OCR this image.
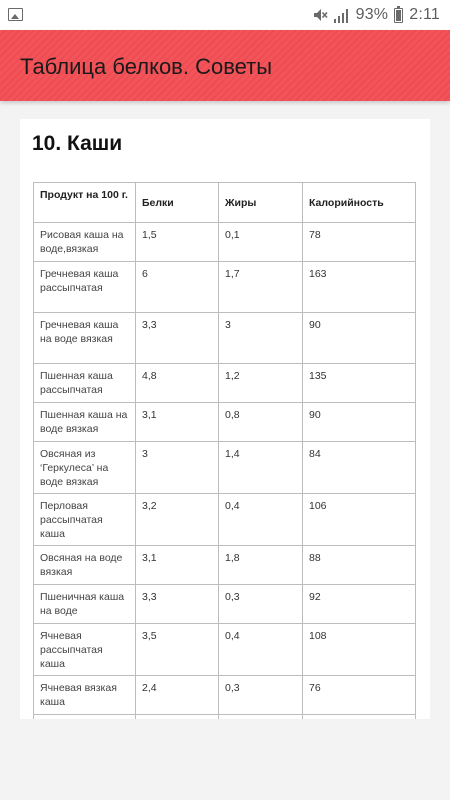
93% 2:11
Таблица белков. Советы
10. Каши
Продукт на 100 г.	Белки	Жиры	Калорийность
Рисовая каша на воде,вязкая	1,5	0,1	78
Гречневая каша рассыпчатая	6	1,7	163
Гречневая каша на воде вязкая	3,3	3	90
Пшенная каша рассыпчатая	4,8	1,2	135
Пшенная каша на воде вязкая	3,1	0,8	90
Овсяная из ‘Геркулеса’ на воде вязкая	3	1,4	84
Перловая рассыпчатая каша	3,2	0,4	106
Овсяная на воде вязкая	3,1	1,8	88
Пшеничная каша на воде	3,3	0,3	92
Ячневая рассыпчатая каша	3,5	0,4	108
Ячневая вязкая каша	2,4	0,3	76
